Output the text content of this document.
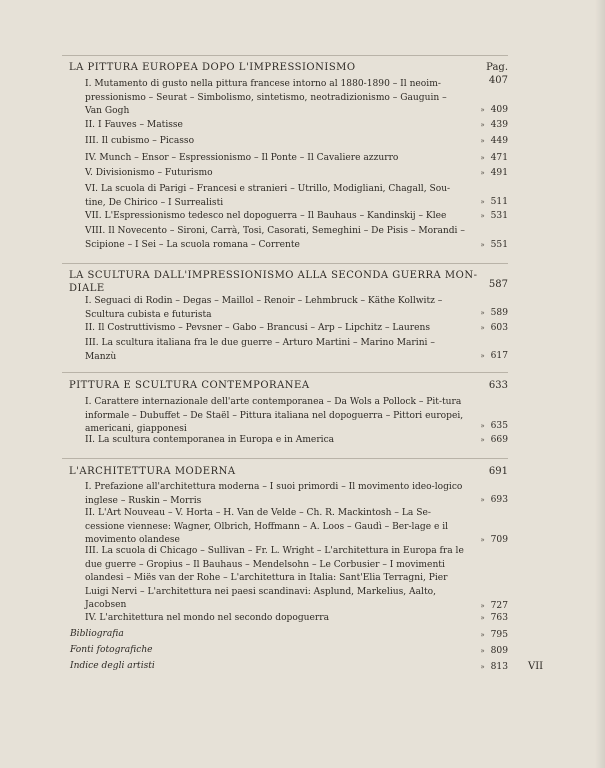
LA PITTURA EUROPEA DOPO L'IMPRESSIONISMO	Pag. 407
I. Mutamento di gusto nella pittura francese intorno al 1880-1890 – Il neoim-pressionismo – Seurat – Simbolismo, sintetismo, neotradizionismo – Gauguin – Van Gogh	» 409
II. I Fauves – Matisse	» 439
III. Il cubismo – Picasso	» 449
IV. Munch – Ensor – Espressionismo – Il Ponte – Il Cavaliere azzurro	» 471
V. Divisionismo – Futurismo	» 491
VI. La scuola di Parigi – Francesi e stranieri – Utrillo, Modigliani, Chagall, Sou-tine, De Chirico – I Surrealisti	» 511
VII. L'Espressionismo tedesco nel dopoguerra – Il Bauhaus – Kandinskij – Klee	» 531
VIII. Il Novecento – Sironi, Carrà, Tosi, Casorati, Semeghini – De Pisis – Morandi – Scipione – I Sei – La scuola romana – Corrente	» 551
LA SCULTURA DALL'IMPRESSIONISMO ALLA SECONDA GUERRA MON-DIALE	587
I. Seguaci di Rodin – Degas – Maillol – Renoir – Lehmbruck – Käthe Kollwitz – Scultura cubista e futurista	» 589
II. Il Costruttivismo – Pevsner – Gabo – Brancusi – Arp – Lipchitz – Laurens	» 603
III. La scultura italiana fra le due guerre – Arturo Martini – Marino Marini – Manzù	» 617
PITTURA E SCULTURA CONTEMPORANEA	633
I. Carattere internazionale dell'arte contemporanea – Da Wols a Pollock – Pit-tura informale – Dubuffet – De Staël – Pittura italiana nel dopoguerra – Pittori europei, americani, giapponesi	» 635
II. La scultura contemporanea in Europa e in America	» 669
L'ARCHITETTURA MODERNA	691
I. Prefazione all'architettura moderna – I suoi primordi – Il movimento ideo-logico inglese – Ruskin – Morris	» 693
II. L'Art Nouveau – V. Horta – H. Van de Velde – Ch. R. Mackintosh – La Se-cessione viennese: Wagner, Olbrich, Hoffmann – A. Loos – Gaudì – Ber-lage e il movimento olandese	» 709
III. La scuola di Chicago – Sullivan – Fr. L. Wright – L'architettura in Europa fra le due guerre – Gropius – Il Bauhaus – Mendelsohn – Le Corbusier – I movimenti olandesi – Miës van der Rohe – L'architettura in Italia: Sant'Elia Terragni, Pier Luigi Nervi – L'architettura nei paesi scandinavi: Asplund, Markelius, Aalto, Jacobsen	» 727
IV. L'architettura nel mondo nel secondo dopoguerra	» 763
Bibliografia	» 795
Fonti fotografiche	» 809
Indice degli artisti	» 813 VII
